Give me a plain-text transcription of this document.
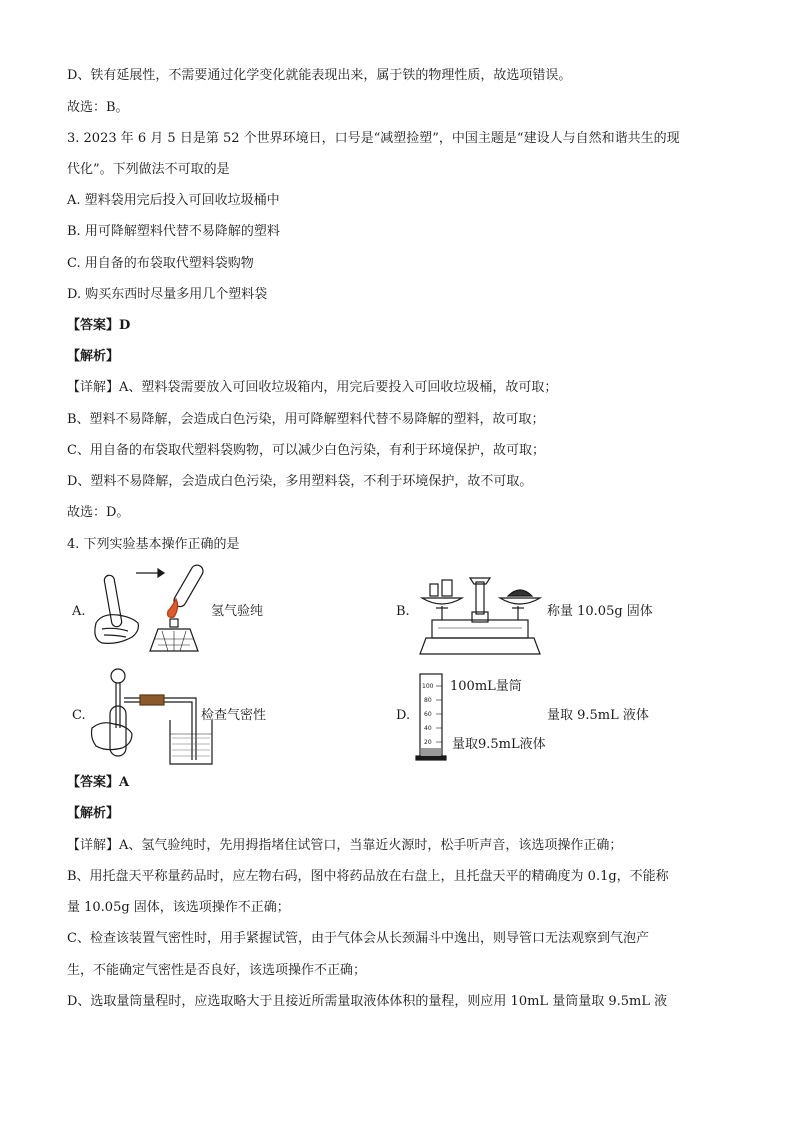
D、铁有延展性，不需要通过化学变化就能表现出来，属于铁的物理性质，故选项错误。
故选：B。
3. 2023 年 6 月 5 日是第 52 个世界环境日，口号是“减塑捡塑”，中国主题是“建设人与自然和谐共生的现
代化”。下列做法不可取的是
A. 塑料袋用完后投入可回收垃圾桶中
B. 用可降解塑料代替不易降解的塑料
C. 用自备的布袋取代塑料袋购物
D. 购买东西时尽量多用几个塑料袋
【答案】D
【解析】
【详解】A、塑料袋需要放入可回收垃圾箱内，用完后要投入可回收垃圾桶，故可取；
B、塑料不易降解，会造成白色污染，用可降解塑料代替不易降解的塑料，故可取；
C、用自备的布袋取代塑料袋购物，可以减少白色污染，有利于环境保护，故可取；
D、塑料不易降解，会造成白色污染，多用塑料袋，不利于环境保护，故不可取。
故选：D。
4. 下列实验基本操作正确的是
A.	氢气验纯	B.	称量 10.05g 固体
C.	检查气密性	D.
100
80
60
40
20
100mL量筒
量取 9.5mL 液体
量取9.5mL液体
【答案】A
【解析】
【详解】A、氢气验纯时，先用拇指堵住试管口，当靠近火源时，松手听声音，该选项操作正确；
B、用托盘天平称量药品时，应左物右码，图中将药品放在右盘上，且托盘天平的精确度为 0.1g，不能称
量 10.05g 固体，该选项操作不正确；
C、检查该装置气密性时，用手紧握试管，由于气体会从长颈漏斗中逸出，则导管口无法观察到气泡产
生，不能确定气密性是否良好，该选项操作不正确；
D、选取量筒量程时，应选取略大于且接近所需量取液体体积的量程，则应用 10mL 量筒量取 9.5mL 液
